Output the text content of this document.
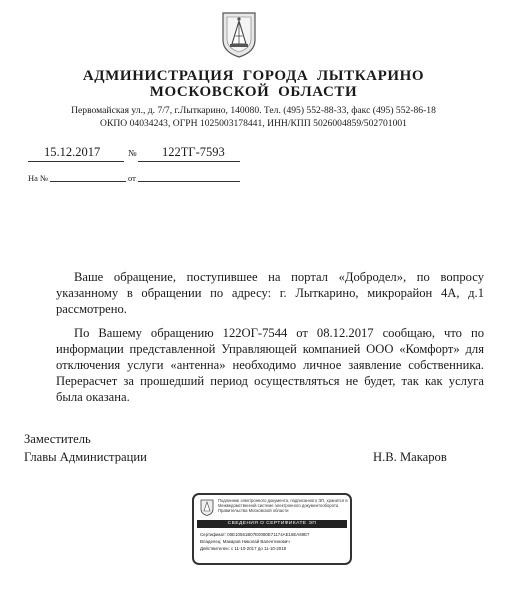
АДМИНИСТРАЦИЯ  ГОРОДА  ЛЫТКАРИНО
МОСКОВСКОЙ  ОБЛАСТИ
Первомайская ул., д. 7/7, г.Лыткарино, 140080. Тел. (495) 552-88-33, факс (495) 552-86-18
ОКПО 04034243, ОГРН 1025003178441, ИНН/КПП 5026004859/502701001
15.12.2017	№ 122ТГ-7593
На №	от
Ваше обращение, поступившее на портал «Добродел», по вопросу указанному в обращении по адресу: г. Лыткарино, микрорайон 4А, д.1 рассмотрено.
По Вашему обращению 122ОГ-7544 от 08.12.2017 сообщаю, что по информации представленной Управляющей компанией ООО «Комфорт» для отключения услуги «антенна» необходимо личное заявление собственника. Перерасчет за прошедший период осуществляться не будет, так как услуга была оказана.
Заместитель
Главы Администрации	Н.В. Макаров
Подлинник электронного документа, подписанного ЭП, хранится в Межведомственной системе электронного документооборота Правительства Московской области
СВЕДЕНИЯ О СЕРТИФИКАТЕ ЭП
Сертификат: 00E10561B07E0080E71174AE16EA69E7
Владелец: Макаров Николай Валентинович
Действителен: с 11-10-2017 до 11-10-2018
